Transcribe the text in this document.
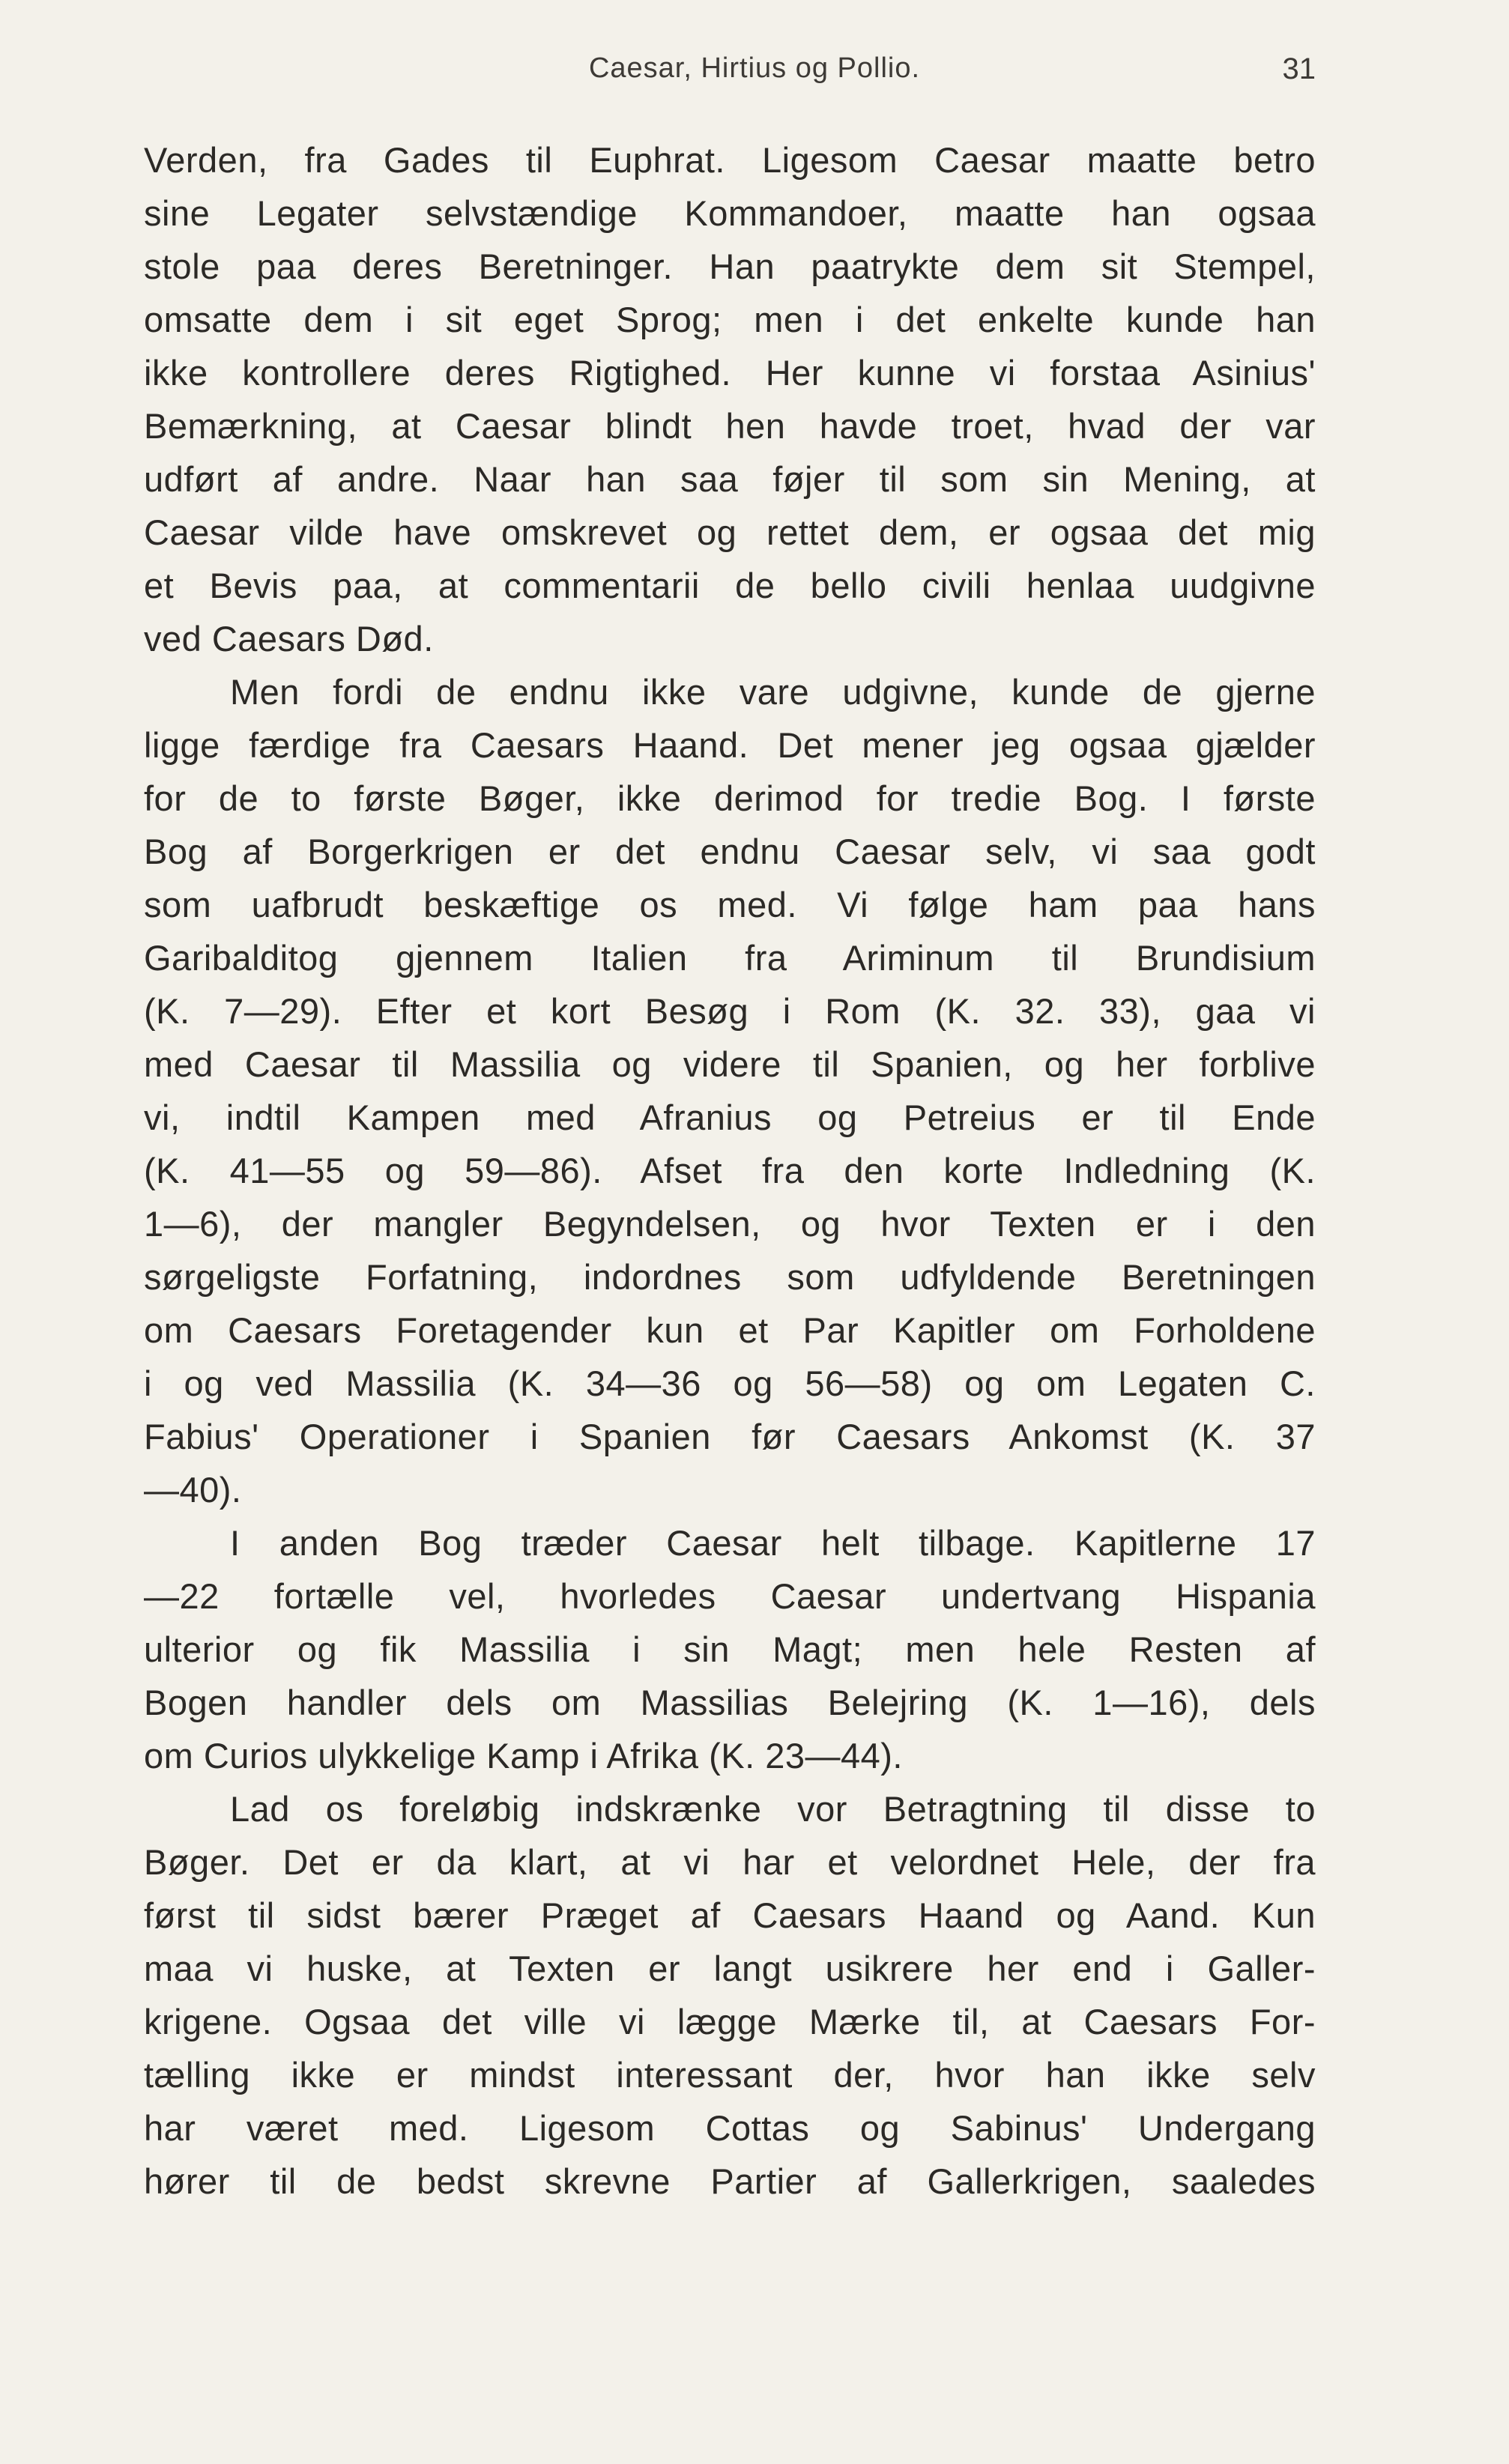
Caesar, Hirtius og Pollio.	31
Verden, fra Gades til Euphrat. Ligesom Caesar maatte betro
sine Legater selvstændige Kommandoer, maatte han ogsaa
stole paa deres Beretninger. Han paatrykte dem sit Stempel,
omsatte dem i sit eget Sprog; men i det enkelte kunde han
ikke kontrollere deres Rigtighed. Her kunne vi forstaa Asinius'
Bemærkning, at Caesar blindt hen havde troet, hvad der var
udført af andre. Naar han saa føjer til som sin Mening, at
Caesar vilde have omskrevet og rettet dem, er ogsaa det mig
et Bevis paa, at commentarii de bello civili henlaa uudgivne
ved Caesars Død.
Men fordi de endnu ikke vare udgivne, kunde de gjerne
ligge færdige fra Caesars Haand. Det mener jeg ogsaa gjælder
for de to første Bøger, ikke derimod for tredie Bog. I første
Bog af Borgerkrigen er det endnu Caesar selv, vi saa godt
som uafbrudt beskæftige os med. Vi følge ham paa hans
Garibalditog gjennem Italien fra Ariminum til Brundisium
(K. 7—29). Efter et kort Besøg i Rom (K. 32. 33), gaa vi
med Caesar til Massilia og videre til Spanien, og her forblive
vi, indtil Kampen med Afranius og Petreius er til Ende
(K. 41—55 og 59—86). Afset fra den korte Indledning (K.
1—6), der mangler Begyndelsen, og hvor Texten er i den
sørgeligste Forfatning, indordnes som udfyldende Beretningen
om Caesars Foretagender kun et Par Kapitler om Forholdene
i og ved Massilia (K. 34—36 og 56—58) og om Legaten C.
Fabius' Operationer i Spanien før Caesars Ankomst (K. 37
—40).
I anden Bog træder Caesar helt tilbage. Kapitlerne 17
—22 fortælle vel, hvorledes Caesar undertvang Hispania
ulterior og fik Massilia i sin Magt; men hele Resten af
Bogen handler dels om Massilias Belejring (K. 1—16), dels
om Curios ulykkelige Kamp i Afrika (K. 23—44).
Lad os foreløbig indskrænke vor Betragtning til disse to
Bøger. Det er da klart, at vi har et velordnet Hele, der fra
først til sidst bærer Præget af Caesars Haand og Aand. Kun
maa vi huske, at Texten er langt usikrere her end i Galler-
krigene. Ogsaa det ville vi lægge Mærke til, at Caesars For-
tælling ikke er mindst interessant der, hvor han ikke selv
har været med. Ligesom Cottas og Sabinus' Undergang
hører til de bedst skrevne Partier af Gallerkrigen, saaledes
